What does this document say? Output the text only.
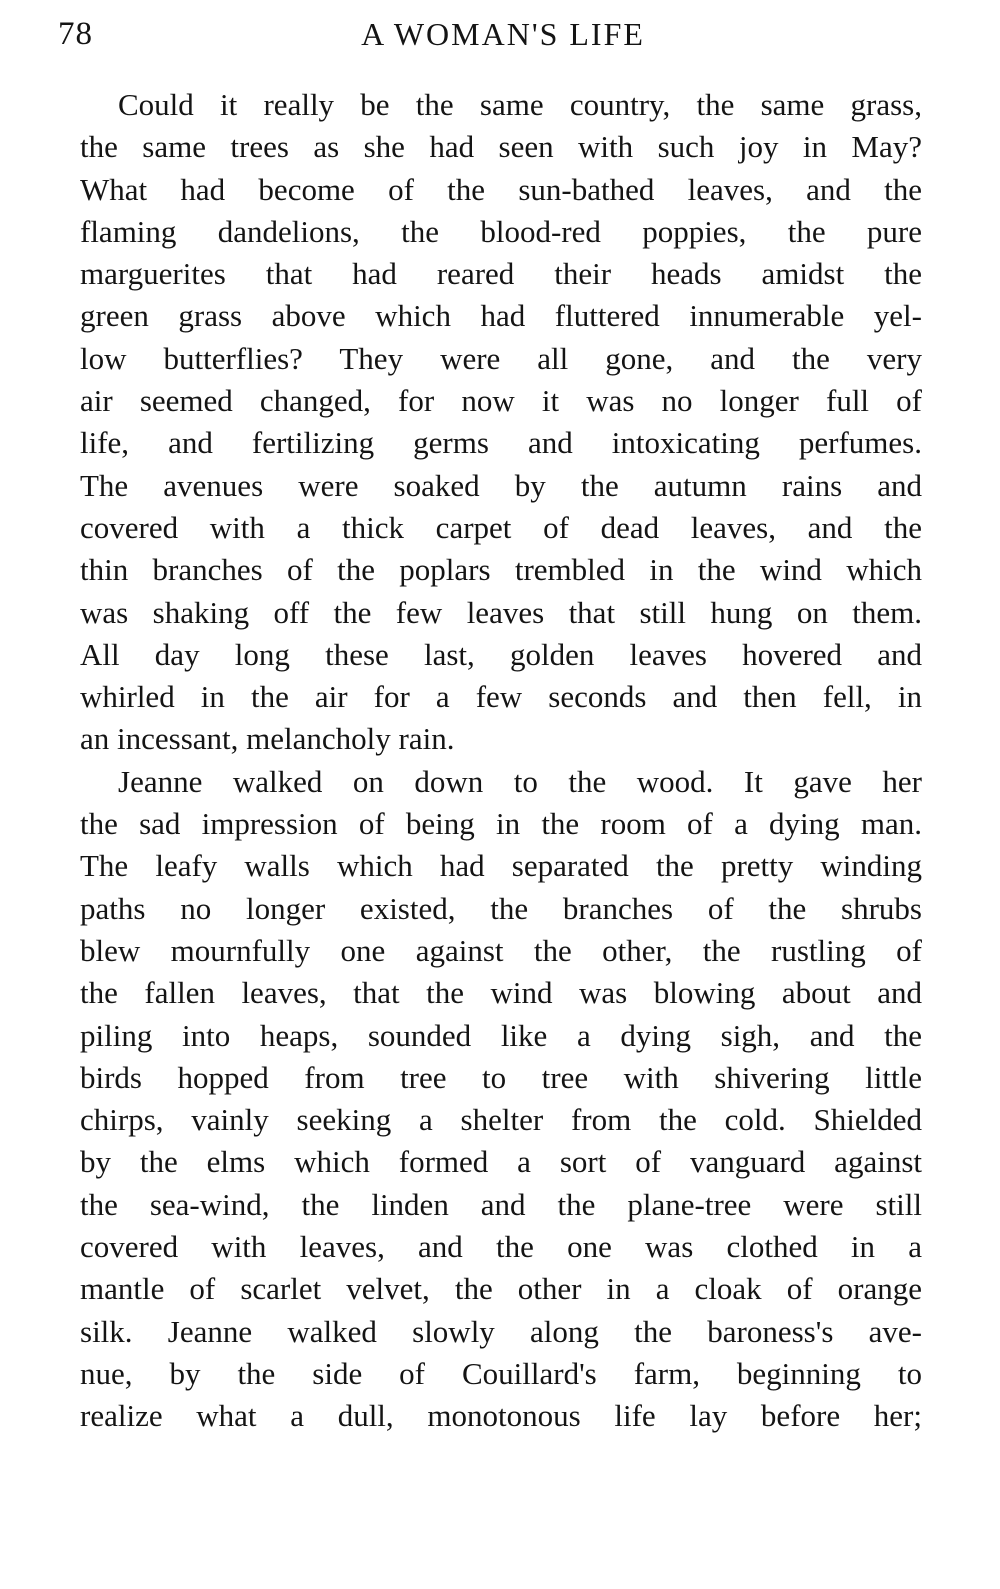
78	A WOMAN'S LIFE
Could it really be the same country, the same grass,
the same trees as she had seen with such joy in May?
What had become of the sun-bathed leaves, and the
flaming dandelions, the blood-red poppies, the pure
marguerites that had reared their heads amidst the
green grass above which had fluttered innumerable yel-
low butterflies? They were all gone, and the very
air seemed changed, for now it was no longer full of
life, and fertilizing germs and intoxicating perfumes.
The avenues were soaked by the autumn rains and
covered with a thick carpet of dead leaves, and the
thin branches of the poplars trembled in the wind which
was shaking off the few leaves that still hung on them.
All day long these last, golden leaves hovered and
whirled in the air for a few seconds and then fell, in
an incessant, melancholy rain.
Jeanne walked on down to the wood. It gave her
the sad impression of being in the room of a dying man.
The leafy walls which had separated the pretty winding
paths no longer existed, the branches of the shrubs
blew mournfully one against the other, the rustling of
the fallen leaves, that the wind was blowing about and
piling into heaps, sounded like a dying sigh, and the
birds hopped from tree to tree with shivering little
chirps, vainly seeking a shelter from the cold. Shielded
by the elms which formed a sort of vanguard against
the sea-wind, the linden and the plane-tree were still
covered with leaves, and the one was clothed in a
mantle of scarlet velvet, the other in a cloak of orange
silk. Jeanne walked slowly along the baroness's ave-
nue, by the side of Couillard's farm, beginning to
realize what a dull, monotonous life lay before her;
